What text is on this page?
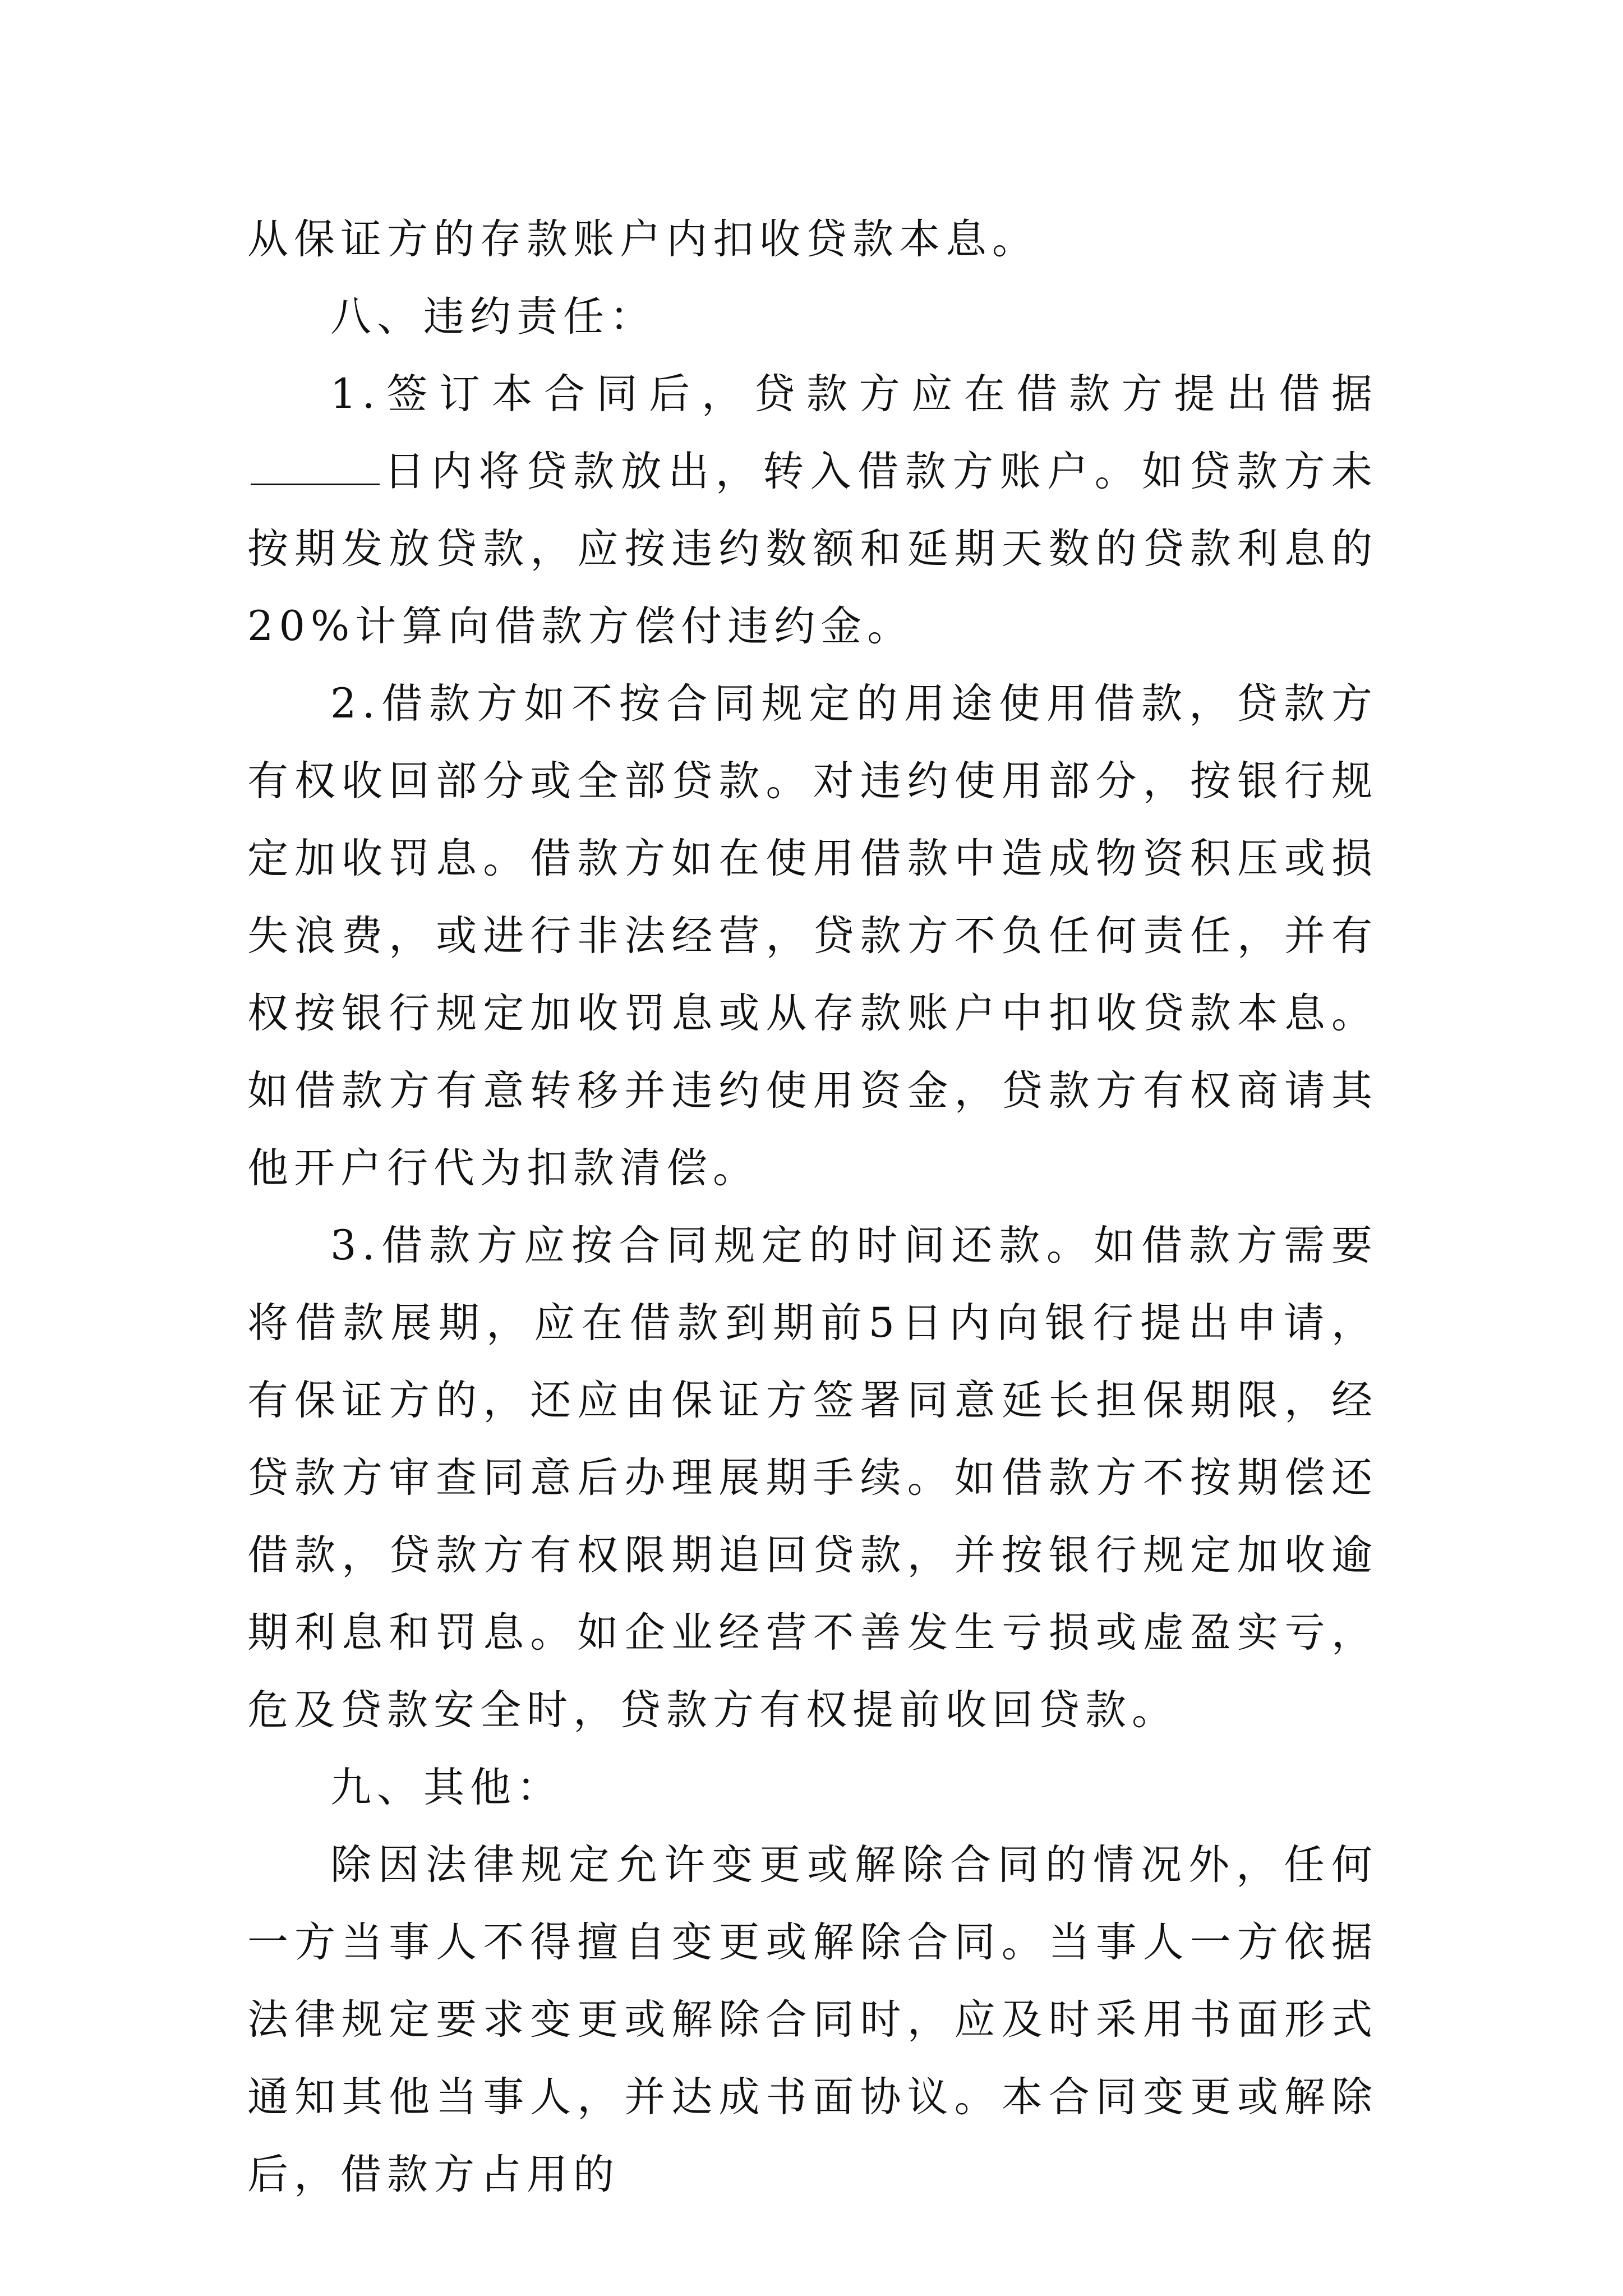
从保证方的存款账户内扣收贷款本息。

八、违约责任：

1.签订本合同后，贷款方应在借款方提出借据日内将贷款放出，转入借款方账户。如贷款方未按期发放贷款，应按违约数额和延期天数的贷款利息的20%计算向借款方偿付违约金。

2.借款方如不按合同规定的用途使用借款，贷款方有权收回部分或全部贷款。对违约使用部分，按银行规定加收罚息。借款方如在使用借款中造成物资积压或损失浪费，或进行非法经营，贷款方不负任何责任，并有权按银行规定加收罚息或从存款账户中扣收贷款本息。如借款方有意转移并违约使用资金，贷款方有权商请其他开户行代为扣款清偿。

3.借款方应按合同规定的时间还款。如借款方需要将借款展期，应在借款到期前5日内向银行提出申请，有保证方的，还应由保证方签署同意延长担保期限，经贷款方审查同意后办理展期手续。如借款方不按期偿还借款，贷款方有权限期追回贷款，并按银行规定加收逾期利息和罚息。如企业经营不善发生亏损或虚盈实亏，危及贷款安全时，贷款方有权提前收回贷款。

九、其他：

除因法律规定允许变更或解除合同的情况外，任何一方当事人不得擅自变更或解除合同。当事人一方依据法律规定要求变更或解除合同时，应及时采用书面形式通知其他当事人，并达成书面协议。本合同变更或解除后，借款方占用的
